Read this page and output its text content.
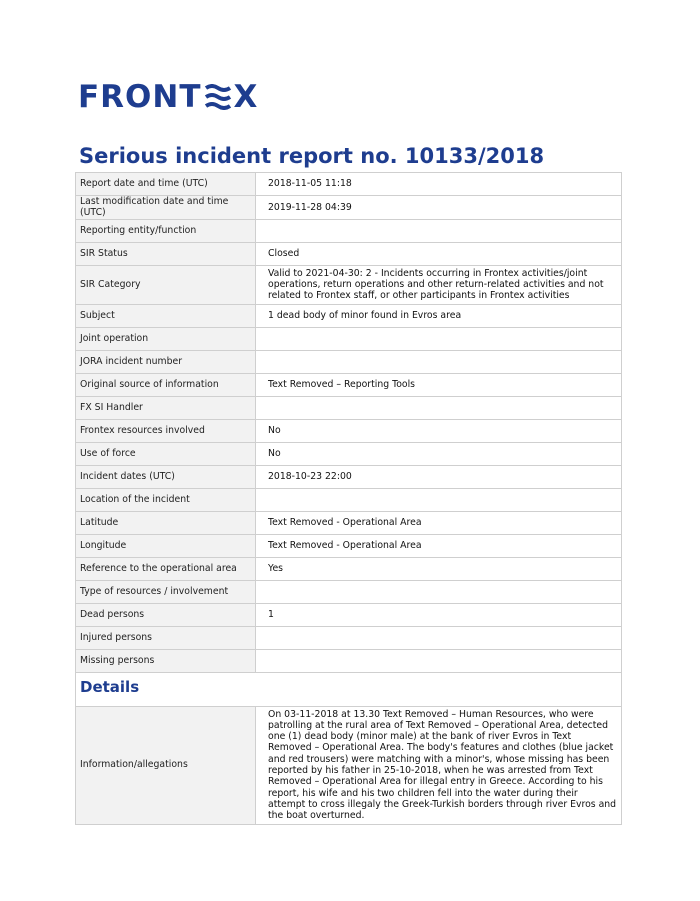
FRONT X
Serious incident report no. 10133/2018
Report date and time (UTC)	2018-11-05 11:18
Last modification date and time (UTC)	2019-11-28 04:39
Reporting entity/function	
SIR Status	Closed
SIR Category	Valid to 2021-04-30: 2 - Incidents occurring in Frontex activities/joint operations, return operations and other return-related activities and not related to Frontex staff, or other participants in Frontex activities
Subject	1 dead body of minor found in Evros area
Joint operation	
JORA incident number	
Original source of information	Text Removed – Reporting Tools
FX SI Handler	
Frontex resources involved	No
Use of force	No
Incident dates (UTC)	2018-10-23 22:00
Location of the incident	
Latitude	Text Removed - Operational Area
Longitude	Text Removed - Operational Area
Reference to the operational area	Yes
Type of resources / involvement	
Dead persons	1
Injured persons	
Missing persons	
Details	
Information/allegations	On 03-11-2018 at 13.30 Text Removed – Human Resources, who were patrolling at the rural area of Text Removed – Operational Area, detected one (1) dead body (minor male) at the bank of river Evros in Text Removed – Operational Area. The body's features and clothes (blue jacket and red trousers) were matching with a minor's, whose missing has been reported by his father in 25-10-2018, when he was arrested from Text Removed – Operational Area for illegal entry in Greece. According to his report, his wife and his two children fell into the water during their attempt to cross illegaly the Greek-Turkish borders through river Evros and the boat overturned.
